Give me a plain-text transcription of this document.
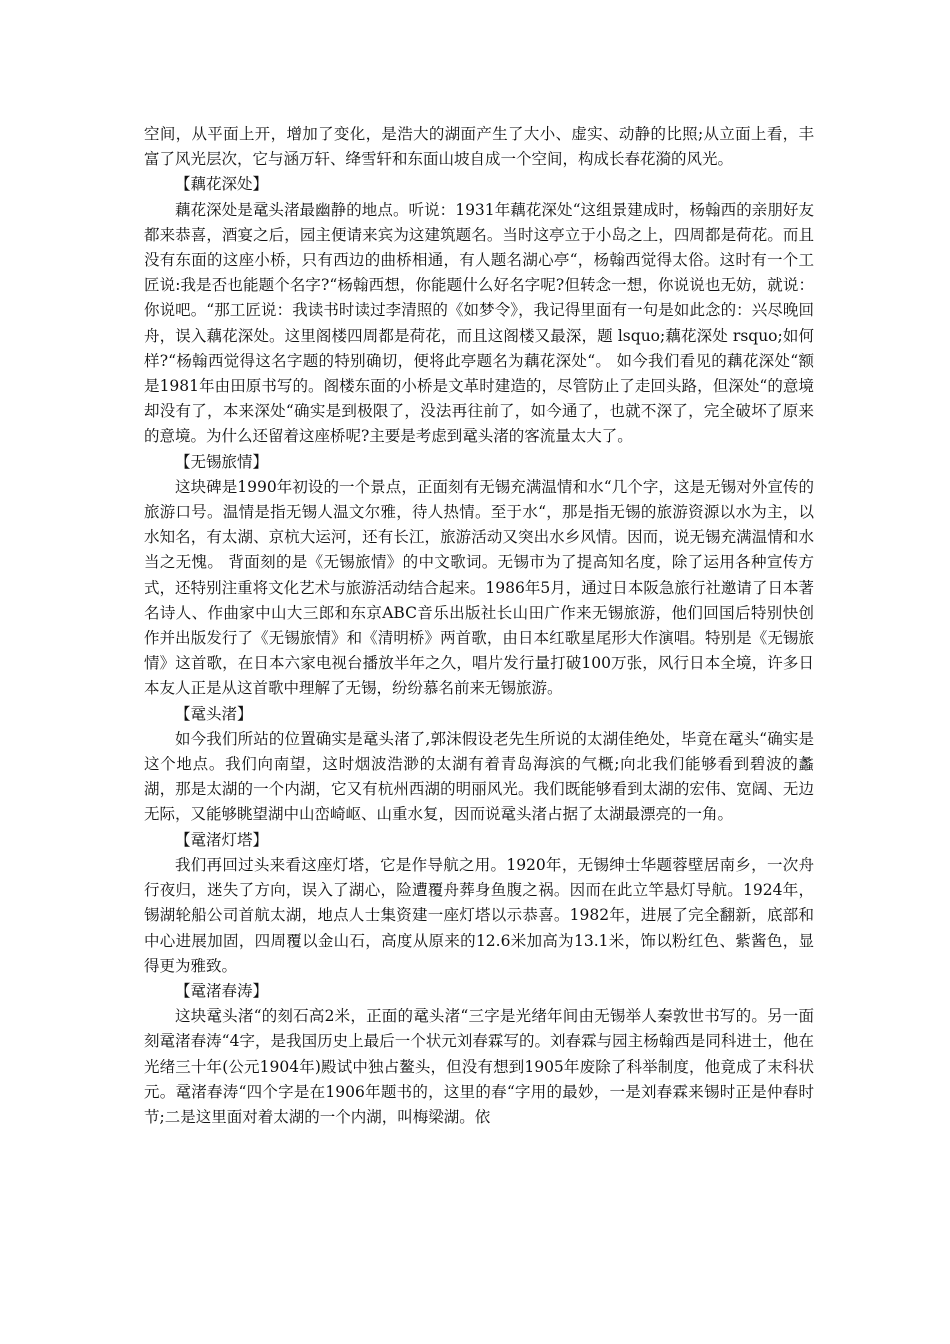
空间，从平面上开，增加了变化，是浩大的湖面产生了大小、虚实、动静的比照;从立面上看，丰富了风光层次，它与涵万轩、绛雪轩和东面山坡自成一个空间，构成长春花漪的风光。

【藕花深处】

藕花深处是鼋头渚最幽静的地点。听说：1931年藕花深处“这组景建成时，杨翰西的亲朋好友都来恭喜，酒宴之后，园主便请来宾为这建筑题名。当时这亭立于小岛之上，四周都是荷花。而且没有东面的这座小桥，只有西边的曲桥相通，有人题名湖心亭“，杨翰西觉得太俗。这时有一个工匠说:我是否也能题个名字?“杨翰西想，你能题什么好名字呢?但转念一想，你说说也无妨，就说：你说吧。“那工匠说：我读书时读过李清照的《如梦令》，我记得里面有一句是如此念的：兴尽晚回舟，误入藕花深处。这里阁楼四周都是荷花，而且这阁楼又最深，题 lsquo;藕花深处 rsquo;如何样?“杨翰西觉得这名字题的特别确切，便将此亭题名为藕花深处“。 如今我们看见的藕花深处“额是1981年由田原书写的。阁楼东面的小桥是文革时建造的，尽管防止了走回头路，但深处“的意境却没有了，本来深处“确实是到极限了，没法再往前了，如今通了，也就不深了，完全破坏了原来的意境。为什么还留着这座桥呢?主要是考虑到鼋头渚的客流量太大了。

【无锡旅情】

这块碑是1990年初设的一个景点，正面刻有无锡充满温情和水“几个字，这是无锡对外宣传的旅游口号。温情是指无锡人温文尔雅，待人热情。至于水“，那是指无锡的旅游资源以水为主，以水知名，有太湖、京杭大运河，还有长江，旅游活动又突出水乡风情。因而，说无锡充满温情和水当之无愧。 背面刻的是《无锡旅情》的中文歌词。无锡市为了提高知名度，除了运用各种宣传方式，还特别注重将文化艺术与旅游活动结合起来。1986年5月，通过日本阪急旅行社邀请了日本著名诗人、作曲家中山大三郎和东京ABC音乐出版社长山田广作来无锡旅游，他们回国后特别快创作并出版发行了《无锡旅情》和《清明桥》两首歌，由日本红歌星尾形大作演唱。特别是《无锡旅情》这首歌，在日本六家电视台播放半年之久，唱片发行量打破100万张，风行日本全境，许多日本友人正是从这首歌中理解了无锡，纷纷慕名前来无锡旅游。

【鼋头渚】

如今我们所站的位置确实是鼋头渚了,郭沫假设老先生所说的太湖佳绝处，毕竟在鼋头“确实是这个地点。我们向南望，这时烟波浩渺的太湖有着青岛海滨的气概;向北我们能够看到碧波的蠡湖，那是太湖的一个内湖，它又有杭州西湖的明丽风光。我们既能够看到太湖的宏伟、宽阔、无边无际，又能够眺望湖中山峦崎岖、山重水复，因而说鼋头渚占据了太湖最漂亮的一角。

【鼋渚灯塔】

我们再回过头来看这座灯塔，它是作导航之用。1920年，无锡绅士华题蓉壁居南乡，一次舟行夜归，迷失了方向，误入了湖心，险遭覆舟葬身鱼腹之祸。因而在此立竿悬灯导航。1924年，锡湖轮船公司首航太湖，地点人士集资建一座灯塔以示恭喜。1982年，进展了完全翻新，底部和中心进展加固，四周覆以金山石，高度从原来的12.6米加高为13.1米，饰以粉红色、紫酱色，显得更为雅致。

【鼋渚春涛】

这块鼋头渚“的刻石高2米，正面的鼋头渚“三字是光绪年间由无锡举人秦敦世书写的。另一面刻鼋渚春涛“4字，是我国历史上最后一个状元刘春霖写的。刘春霖与园主杨翰西是同科进士，他在光绪三十年(公元1904年)殿试中独占鳌头，但没有想到1905年废除了科举制度，他竟成了末科状元。鼋渚春涛“四个字是在1906年题书的，这里的春“字用的最妙，一是刘春霖来锡时正是仲春时节;二是这里面对着太湖的一个内湖，叫梅梁湖。依
